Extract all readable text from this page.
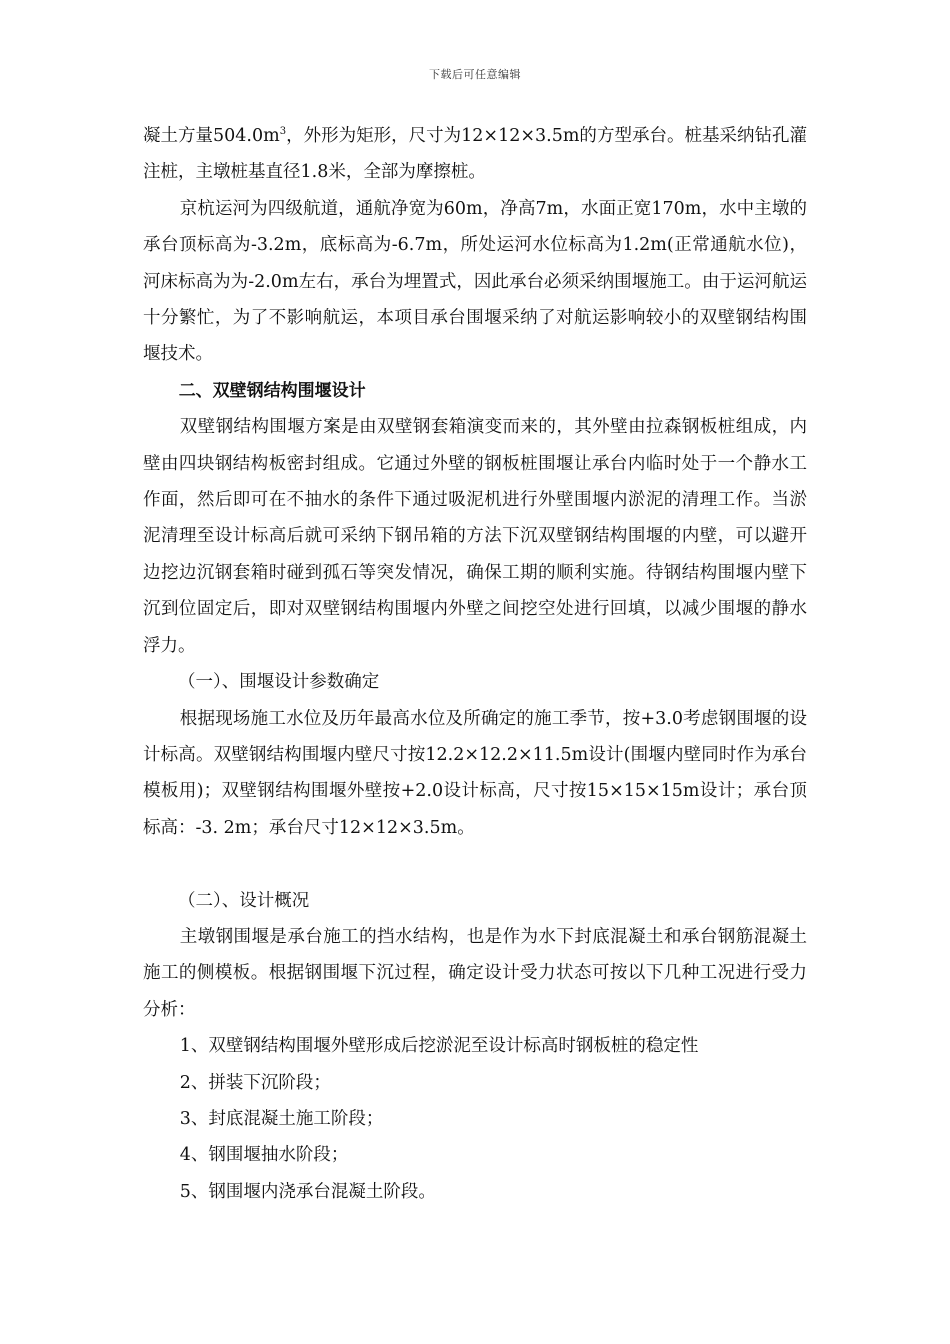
下载后可任意编辑

凝土方量$504.0m^3$，外形为矩形，尺寸为12×12×3.5m的方型承台。桩基采纳钻孔灌注桩，主墩桩基直径1.8米，全部为摩擦桩。

京杭运河为四级航道，通航净宽为60m，净高7m，水面正宽170m，水中主墩的承台顶标高为-3.2m，底标高为-6.7m，所处运河水位标高为1.2m(正常通航水位)，河床标高为为-2.0m左右，承台为埋置式，因此承台必须采纳围堰施工。由于运河航运十分繁忙，为了不影响航运，本项目承台围堰采纳了对航运影响较小的双壁钢结构围堰技术。

二、双壁钢结构围堰设计

双壁钢结构围堰方案是由双壁钢套箱演变而来的，其外壁由拉森钢板桩组成，内壁由四块钢结构板密封组成。它通过外壁的钢板桩围堰让承台内临时处于一个静水工作面，然后即可在不抽水的条件下通过吸泥机进行外壁围堰内淤泥的清理工作。当淤泥清理至设计标高后就可采纳下钢吊箱的方法下沉双壁钢结构围堰的内壁，可以避开边挖边沉钢套箱时碰到孤石等突发情况，确保工期的顺利实施。待钢结构围堰内壁下沉到位固定后，即对双壁钢结构围堰内外壁之间挖空处进行回填，以减少围堰的静水浮力。

（一）、围堰设计参数确定

根据现场施工水位及历年最高水位及所确定的施工季节，按+3.0考虑钢围堰的设计标高。双壁钢结构围堰内壁尺寸按12.2×12.2×11.5m设计(围堰内壁同时作为承台模板用)；双壁钢结构围堰外壁按+2.0设计标高，尺寸按15×15×15m设计；承台顶标高：-3. 2m；承台尺寸12×12×3.5m。

（二）、设计概况

主墩钢围堰是承台施工的挡水结构，也是作为水下封底混凝土和承台钢筋混凝土施工的侧模板。根据钢围堰下沉过程，确定设计受力状态可按以下几种工况进行受力分析：

1、双壁钢结构围堰外壁形成后挖淤泥至设计标高时钢板桩的稳定性

2、拼装下沉阶段；

3、封底混凝土施工阶段；

4、钢围堰抽水阶段；

5、钢围堰内浇承台混凝土阶段。
